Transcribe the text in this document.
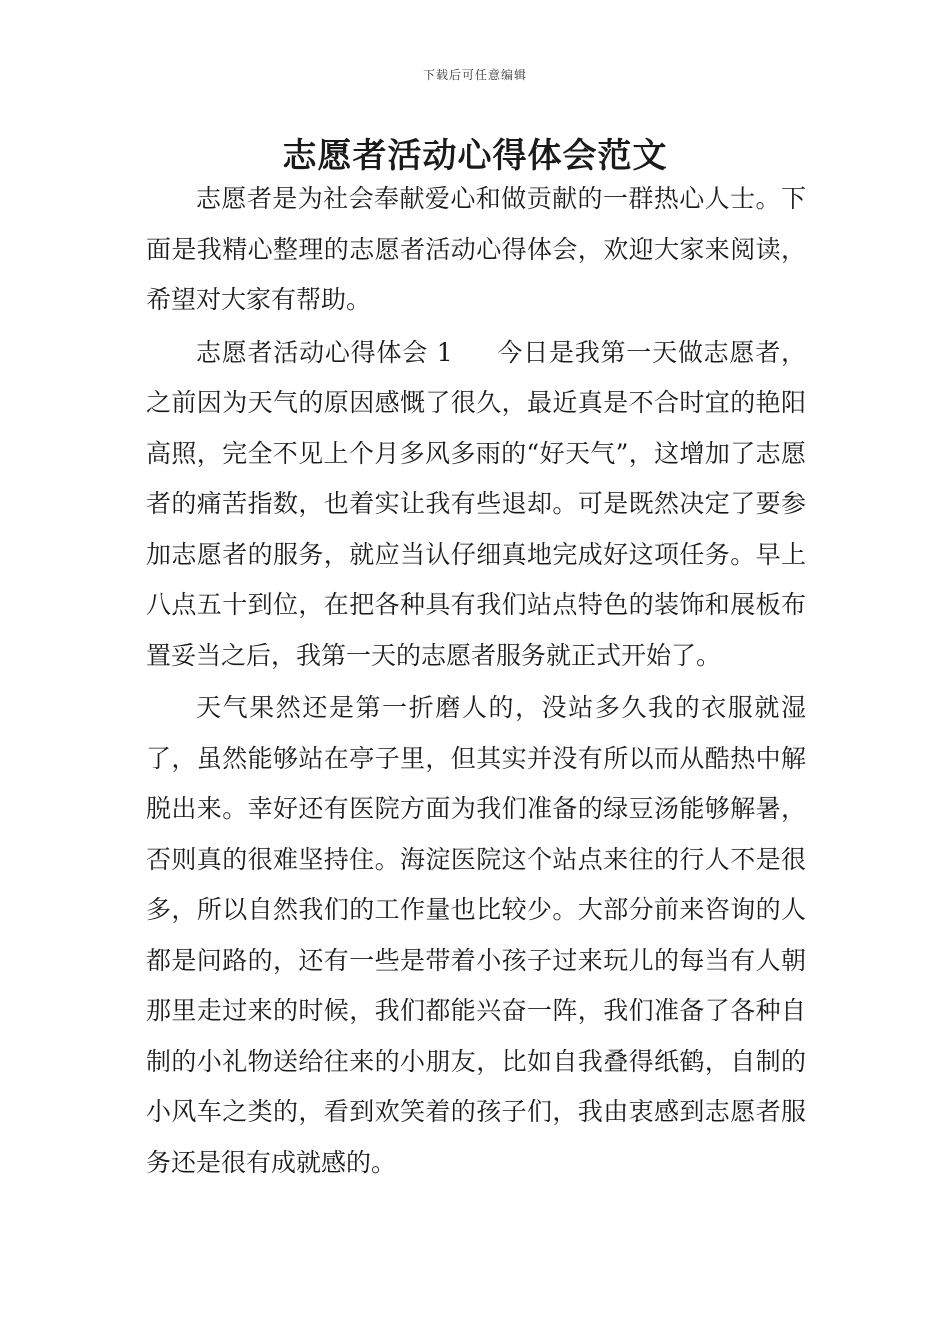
下载后可任意编辑
志愿者活动心得体会范文

志愿者是为社会奉献爱心和做贡献的一群热心人士。下面是我精心整理的志愿者活动心得体会，欢迎大家来阅读，希望对大家有帮助。

志愿者活动心得体会 1 今日是我第一天做志愿者，之前因为天气的原因感慨了很久，最近真是不合时宜的艳阳高照，完全不见上个月多风多雨的“好天气”，这增加了志愿者的痛苦指数，也着实让我有些退却。可是既然决定了要参加志愿者的服务，就应当认仔细真地完成好这项任务。早上八点五十到位，在把各种具有我们站点特色的装饰和展板布置妥当之后，我第一天的志愿者服务就正式开始了。

天气果然还是第一折磨人的，没站多久我的衣服就湿了，虽然能够站在亭子里，但其实并没有所以而从酷热中解脱出来。幸好还有医院方面为我们准备的绿豆汤能够解暑，否则真的很难坚持住。海淀医院这个站点来往的行人不是很多，所以自然我们的工作量也比较少。大部分前来咨询的人都是问路的，还有一些是带着小孩子过来玩儿的每当有人朝那里走过来的时候，我们都能兴奋一阵，我们准备了各种自制的小礼物送给往来的小朋友，比如自我叠得纸鹤，自制的小风车之类的，看到欢笑着的孩子们，我由衷感到志愿者服务还是很有成就感的。
